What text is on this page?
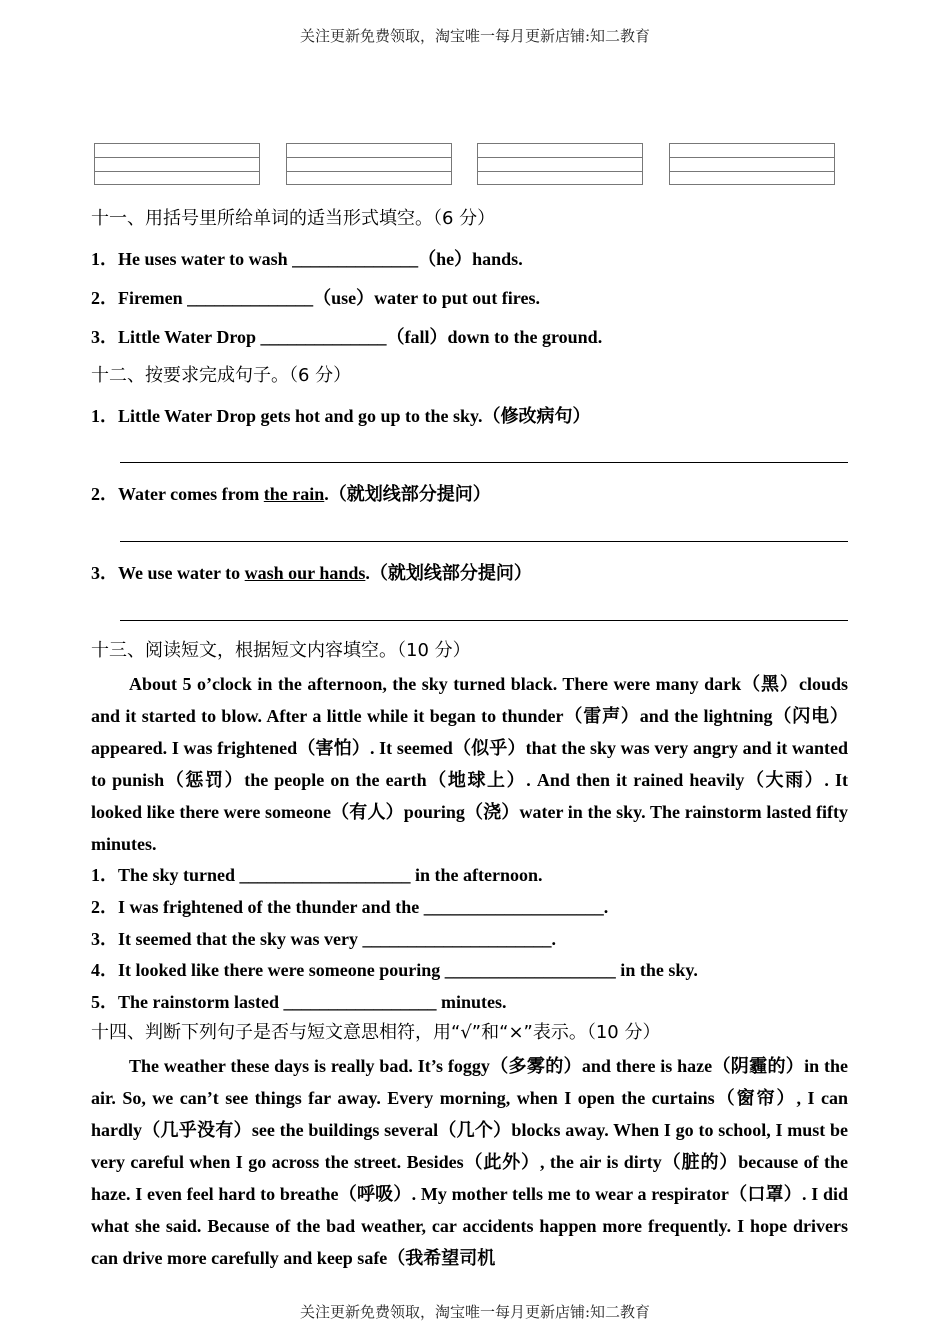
关注更新免费领取，淘宝唯一每月更新店铺:知二教育
十一、用括号里所给单词的适当形式填空。（6 分）
1．He uses water to wash ______________（he）hands.
2．Firemen ______________（use）water to put out fires.
3．Little Water Drop ______________（fall）down to the ground.
十二、按要求完成句子。（6 分）
1．Little Water Drop gets hot and go up to the sky.（修改病句）
2．Water comes from the rain.（就划线部分提问）
3．We use water to wash our hands.（就划线部分提问）
十三、阅读短文，根据短文内容填空。（10 分）
About 5 o’clock in the afternoon, the sky turned black. There were many dark（黑）clouds and it started to blow. After a little while it began to thunder（雷声）and the lightning（闪电）appeared. I was frightened（害怕）. It seemed（似乎）that the sky was very angry and it wanted to punish（惩罚）the people on the earth（地球上）. And then it rained heavily（大雨）. It looked like there were someone（有人）pouring（浇）water in the sky. The rainstorm lasted fifty minutes.
1．The sky turned ___________________ in the afternoon.
2．I was frightened of the thunder and the ____________________.
3．It seemed that the sky was very _____________________.
4．It looked like there were someone pouring ___________________ in the sky.
5．The rainstorm lasted _________________ minutes.
十四、判断下列句子是否与短文意思相符，用“√”和“×”表示。（10 分）
The weather these days is really bad. It’s foggy（多雾的）and there is haze（阴霾的）in the air. So, we can’t see things far away. Every morning, when I open the curtains（窗帘）, I can hardly（几乎没有）see the buildings several（几个）blocks away. When I go to school, I must be very careful when I go across the street. Besides（此外）, the air is dirty（脏的）because of the haze. I even feel hard to breathe（呼吸）. My mother tells me to wear a respirator（口罩）. I did what she said. Because of the bad weather, car accidents happen more frequently. I hope drivers can drive more carefully and keep safe（我希望司机
关注更新免费领取，淘宝唯一每月更新店铺:知二教育
